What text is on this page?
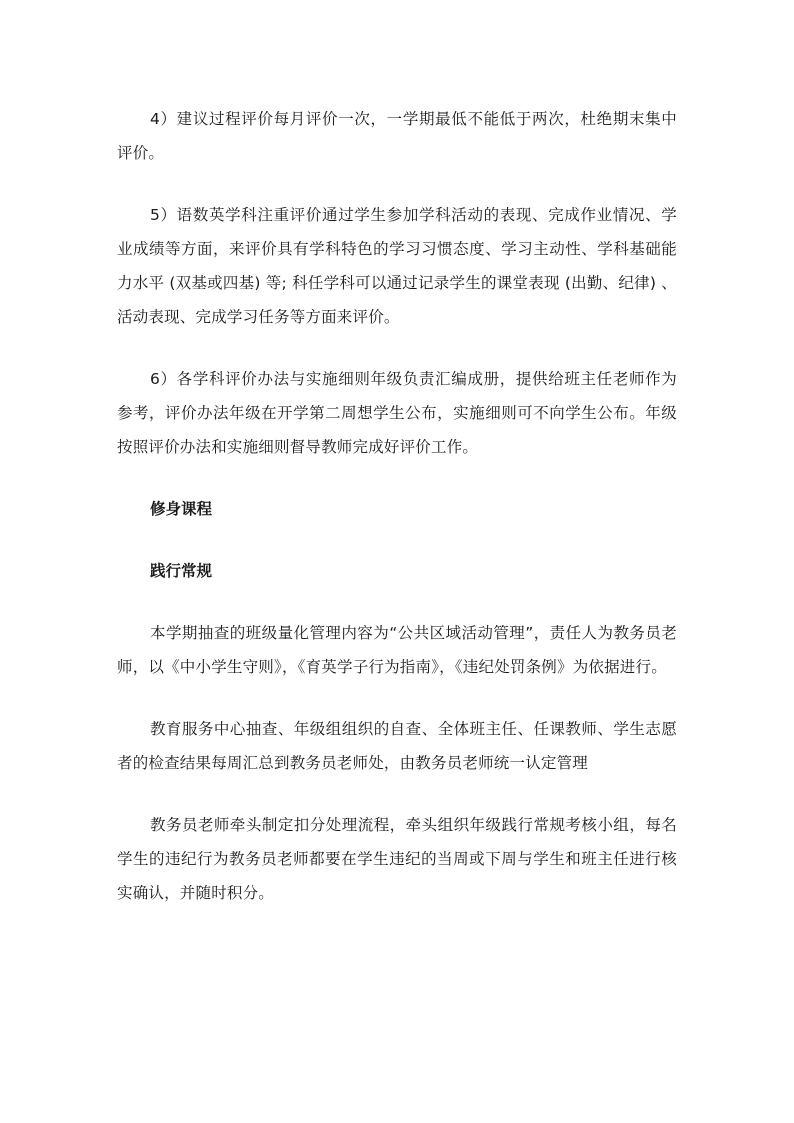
4）建议过程评价每月评价一次，一学期最低不能低于两次，杜绝期末集中评价。

5）语数英学科注重评价通过学生参加学科活动的表现、完成作业情况、学业成绩等方面，来评价具有学科特色的学习习惯态度、学习主动性、学科基础能力水平 (双基或四基) 等; 科任学科可以通过记录学生的课堂表现 (出勤、纪律) 、活动表现、完成学习任务等方面来评价。

6）各学科评价办法与实施细则年级负责汇编成册，提供给班主任老师作为参考，评价办法年级在开学第二周想学生公布，实施细则可不向学生公布。年级按照评价办法和实施细则督导教师完成好评价工作。

修身课程

践行常规

本学期抽查的班级量化管理内容为“公共区域活动管理”，责任人为教务员老师，以《中小学生守则》，《育英学子行为指南》，《违纪处罚条例》为依据进行。

教育服务中心抽查、年级组组织的自查、全体班主任、任课教师、学生志愿者的检查结果每周汇总到教务员老师处，由教务员老师统一认定管理

教务员老师牵头制定扣分处理流程，牵头组织年级践行常规考核小组，每名学生的违纪行为教务员老师都要在学生违纪的当周或下周与学生和班主任进行核实确认，并随时积分。
